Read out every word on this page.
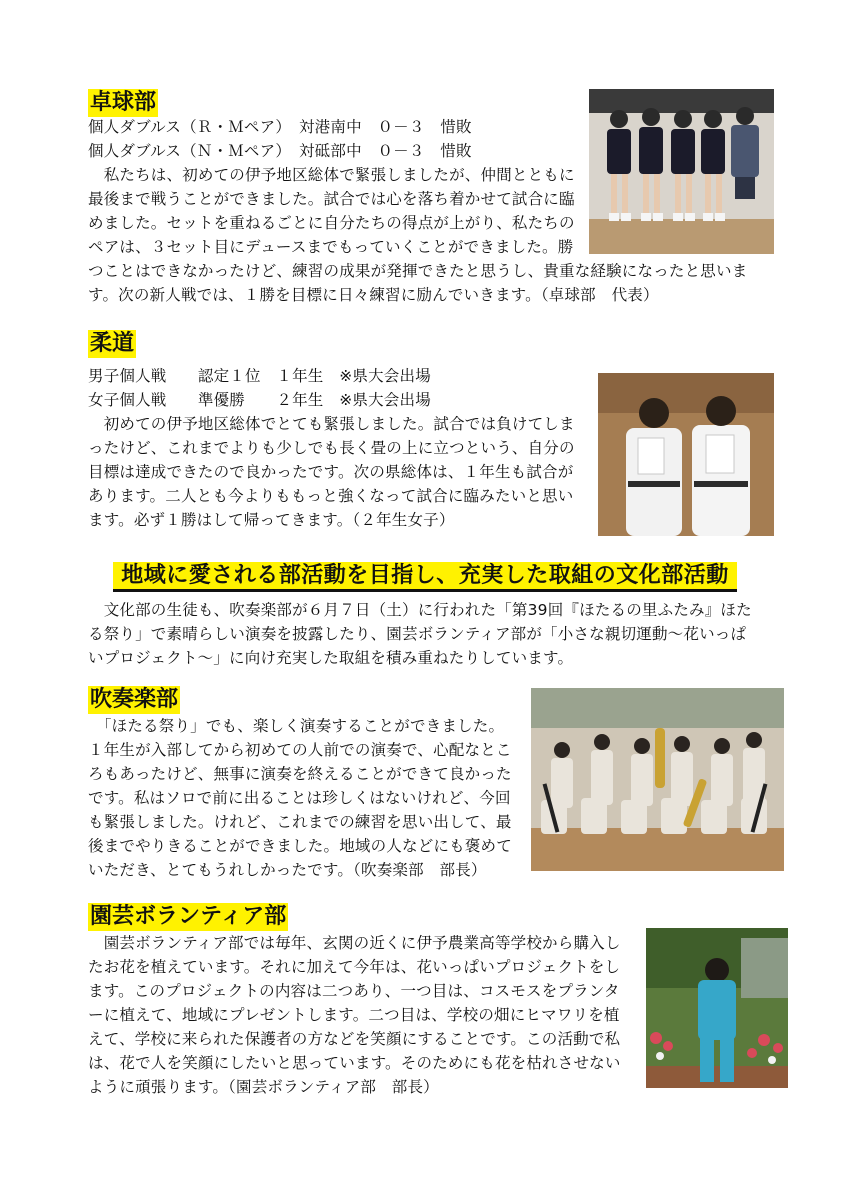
卓球部
個人ダブルス（Ｒ・Ｍペア）　対港南中　０－３　惜敗
個人ダブルス（Ｎ・Ｍペア）　対砥部中　０－３　惜敗
　私たちは、初めての伊予地区総体で緊張しましたが、仲間とともに
最後まで戦うことができました。試合では心を落ち着かせて試合に臨
めました。セットを重ねるごとに自分たちの得点が上がり、私たちの
ペアは、３セット目にデュースまでもっていくことができました。勝
つことはできなかったけど、練習の成果が発揮できたと思うし、貴重な経験になったと思いま
す。次の新人戦では、１勝を目標に日々練習に励んでいきます。（卓球部　代表）
柔道
男子個人戦　　認定１位　１年生　※県大会出場
女子個人戦　　準優勝　　２年生　※県大会出場
　初めての伊予地区総体でとても緊張しました。試合では負けてしま
ったけど、これまでよりも少しでも長く畳の上に立つという、自分の
目標は達成できたので良かったです。次の県総体は、１年生も試合が
あります。二人とも今よりももっと強くなって試合に臨みたいと思い
ます。必ず１勝はして帰ってきます。（２年生女子）
地域に愛される部活動を目指し、充実した取組の文化部活動
　文化部の生徒も、吹奏楽部が６月７日（土）に行われた「第39回『ほたるの里ふたみ』ほた
る祭り」で素晴らしい演奏を披露したり、園芸ボランティア部が「小さな親切運動～花いっぱ
いプロジェクト～」に向け充実した取組を積み重ねたりしています。
吹奏楽部
　「ほたる祭り」でも、楽しく演奏することができました。
１年生が入部してから初めての人前での演奏で、心配なとこ
ろもあったけど、無事に演奏を終えることができて良かった
です。私はソロで前に出ることは珍しくはないけれど、今回
も緊張しました。けれど、これまでの練習を思い出して、最
後までやりきることができました。地域の人などにも褒めて
いただき、とてもうれしかったです。（吹奏楽部　部長）
園芸ボランティア部
　園芸ボランティア部では毎年、玄関の近くに伊予農業高等学校から購入し
たお花を植えています。それに加えて今年は、花いっぱいプロジェクトをし
ます。このプロジェクトの内容は二つあり、一つ目は、コスモスをプランタ
ーに植えて、地域にプレゼントします。二つ目は、学校の畑にヒマワリを植
えて、学校に来られた保護者の方などを笑顔にすることです。この活動で私
は、花で人を笑顔にしたいと思っています。そのためにも花を枯れさせない
ように頑張ります。（園芸ボランティア部　部長）
